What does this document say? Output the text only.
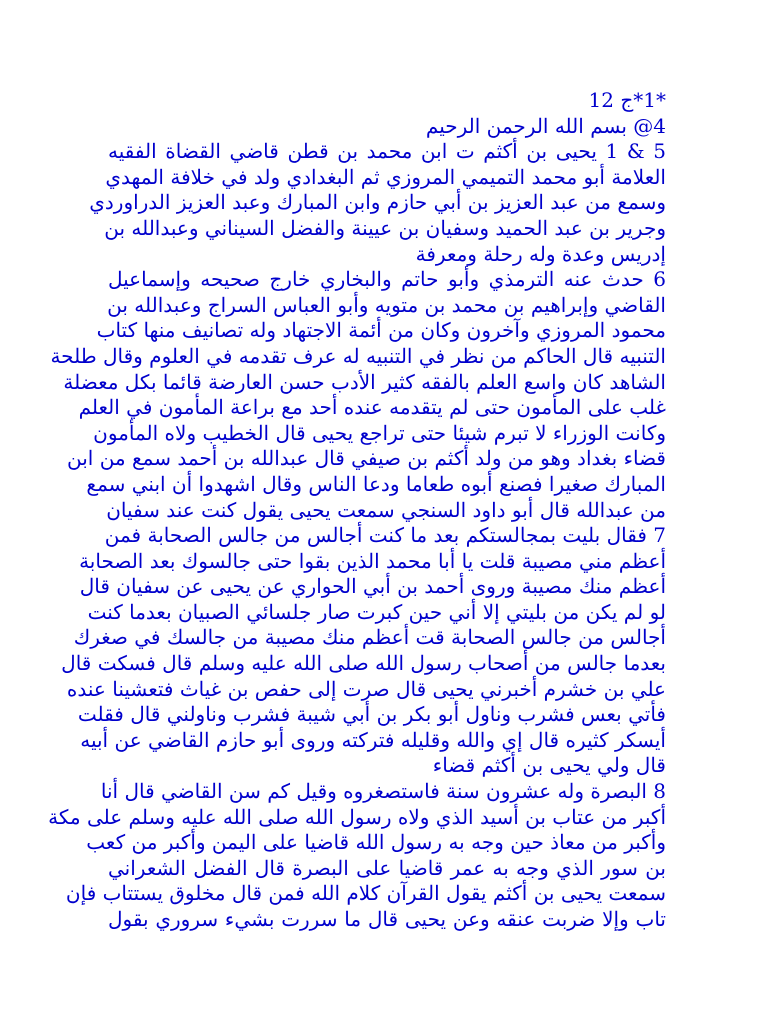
*1*ج 12
4@ بسم الله الرحمن الرحيم
5 & 1 يحيى بن أكثم ت ابن محمد بن قطن قاضي القضاة الفقيه
العلامة أبو محمد التميمي المروزي ثم البغدادي ولد في خلافة المهدي
وسمع من عبد العزيز بن أبي حازم وابن المبارك وعبد العزيز الدراوردي
وجرير بن عبد الحميد وسفيان بن عيينة والفضل السيناني وعبدالله بن
إدريس وعدة وله رحلة ومعرفة
6 حدث عنه الترمذي وأبو حاتم والبخاري خارج صحيحه وإسماعيل
القاضي وإبراهيم بن محمد بن متويه وأبو العباس السراج وعبدالله بن
محمود المروزي وآخرون وكان من أئمة الاجتهاد وله تصانيف منها كتاب
التنبيه قال الحاكم من نظر في التنبيه له عرف تقدمه في العلوم وقال طلحة
الشاهد كان واسع العلم بالفقه كثير الأدب حسن العارضة قائما بكل معضلة
غلب على المأمون حتى لم يتقدمه عنده أحد مع براعة المأمون في العلم
وكانت الوزراء لا تبرم شيئا حتى تراجع يحيى قال الخطيب ولاه المأمون
قضاء بغداد وهو من ولد أكثم بن صيفي قال عبدالله بن أحمد سمع من ابن
المبارك صغيرا فصنع أبوه طعاما ودعا الناس وقال اشهدوا أن ابني سمع
من عبدالله قال أبو داود السنجي سمعت يحيى يقول كنت عند سفيان
7 فقال بليت بمجالستكم بعد ما كنت أجالس من جالس الصحابة فمن
أعظم مني مصيبة قلت يا أبا محمد الذين بقوا حتى جالسوك بعد الصحابة
أعظم منك مصيبة وروى أحمد بن أبي الحواري عن يحيى عن سفيان قال
لو لم يكن من بليتي إلا أني حين كبرت صار جلسائي الصبيان بعدما كنت
أجالس من جالس الصحابة قت أعظم منك مصيبة من جالسك في صغرك
بعدما جالس من أصحاب رسول الله صلى الله عليه وسلم قال فسكت قال
علي بن خشرم أخبرني يحيى قال صرت إلى حفص بن غياث فتعشينا عنده
فأتي بعس فشرب وناول أبو بكر بن أبي شيبة فشرب وناولني قال فقلت
أيسكر كثيره قال إي والله وقليله فتركته وروى أبو حازم القاضي عن أبيه
قال ولي يحيى بن أكثم قضاء
8 البصرة وله عشرون سنة فاستصغروه وقيل كم سن القاضي قال أنا
أكبر من عتاب بن أسيد الذي ولاه رسول الله صلى الله عليه وسلم على مكة
وأكبر من معاذ حين وجه به رسول الله قاضيا على اليمن وأكبر من كعب
بن سور الذي وجه به عمر قاضيا على البصرة قال الفضل الشعراني
سمعت يحيى بن أكثم يقول القرآن كلام الله فمن قال مخلوق يستتاب فإن
تاب وإلا ضربت عنقه وعن يحيى قال ما سررت بشيء سروري بقول
